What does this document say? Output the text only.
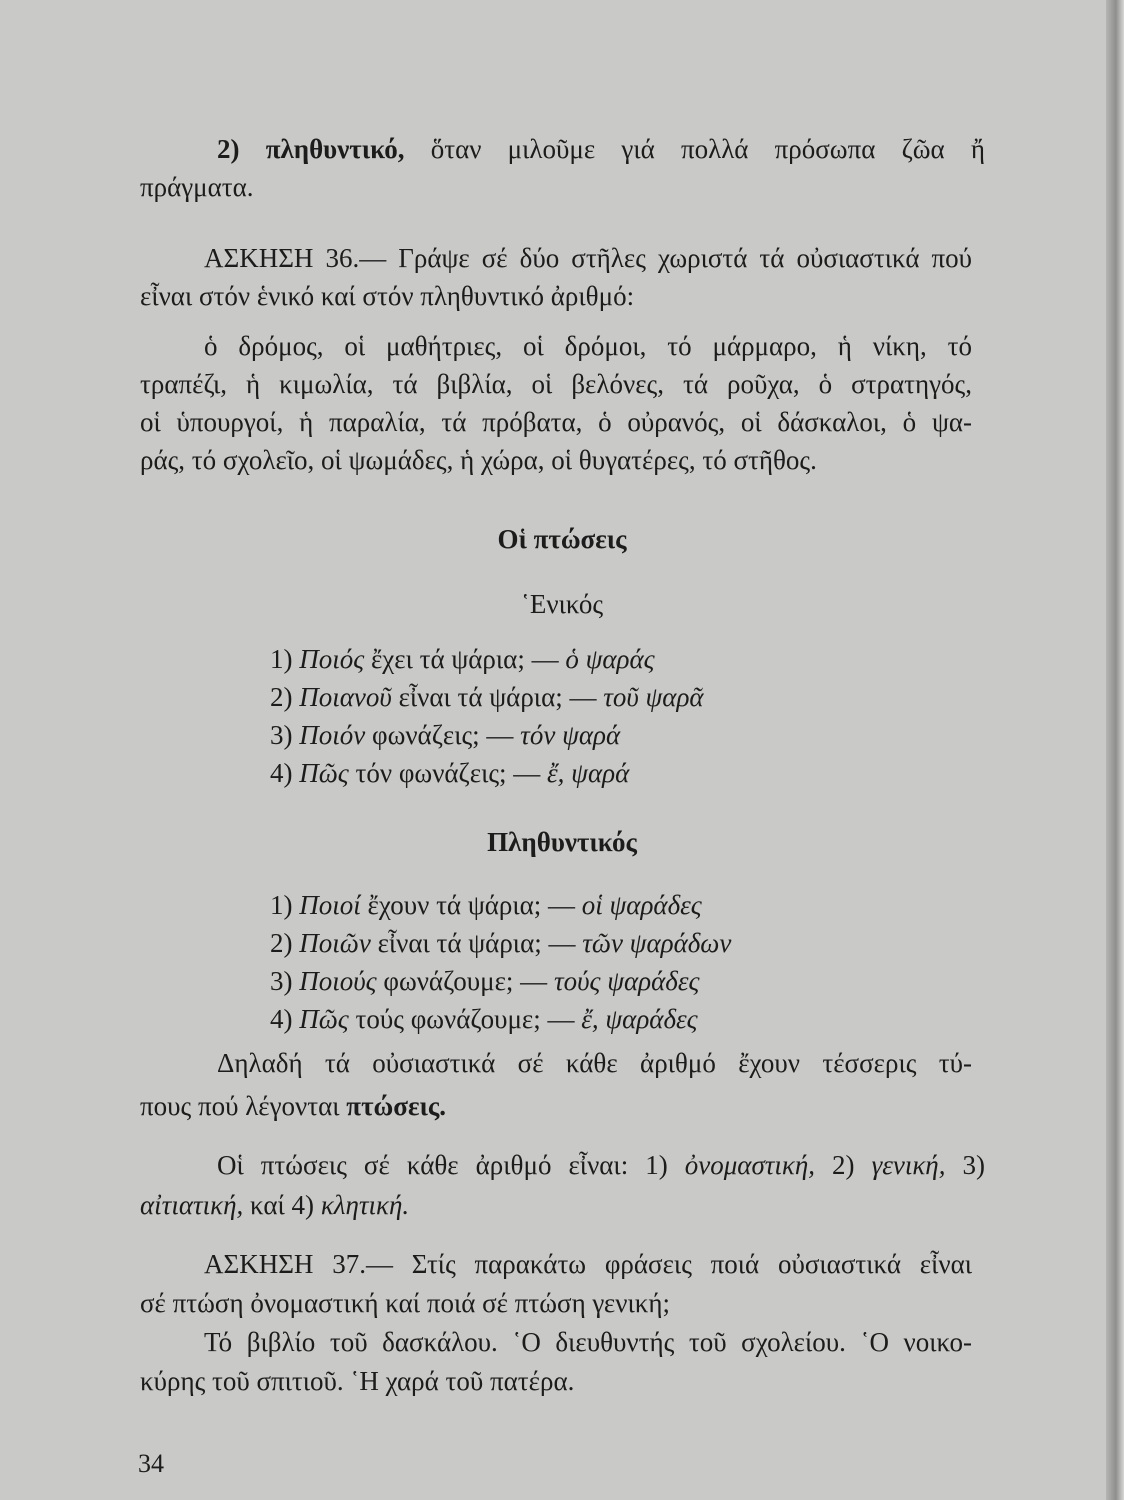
2) πληθυντικό, ὅταν μιλοῦμε γιά πολλά πρόσωπα ζῶα ἤ
πράγματα.
ΑΣΚΗΣΗ 36.— Γράψε σέ δύο στῆλες χωριστά τά οὐσιαστικά πού
εἶναι στόν ἑνικό καί στόν πληθυντικό ἀριθμό:
ὁ δρόμος, οἱ μαθήτριες, οἱ δρόμοι, τό μάρμαρο, ἡ νίκη, τό
τραπέζι, ἡ κιμωλία, τά βιβλία, οἱ βελόνες, τά ροῦχα, ὁ στρατηγός,
οἱ ὑπουργοί, ἡ παραλία, τά πρόβατα, ὁ οὐρανός, οἱ δάσκαλοι, ὁ ψα-
ράς, τό σχολεῖο, οἱ ψωμάδες, ἡ χώρα, οἱ θυγατέρες, τό στῆθος.
Οἱ πτώσεις
῾Ενικός
1) Ποιός ἔχει τά ψάρια; — ὁ ψαράς
2) Ποιανοῦ εἶναι τά ψάρια; — τοῦ ψαρᾶ
3) Ποιόν φωνάζεις; — τόν ψαρά
4) Πῶς τόν φωνάζεις; — ἔ, ψαρά
Πληθυντικός
1) Ποιοί ἔχουν τά ψάρια; — οἱ ψαράδες
2) Ποιῶν εἶναι τά ψάρια; — τῶν ψαράδων
3) Ποιούς φωνάζουμε; — τούς ψαράδες
4) Πῶς τούς φωνάζουμε; — ἔ, ψαράδες
Δηλαδή τά οὐσιαστικά σέ κάθε ἀριθμό ἔχουν τέσσερις τύ-
πους πού λέγονται πτώσεις.
Οἱ πτώσεις σέ κάθε ἀριθμό εἶναι: 1) ὀνομαστική, 2) γενική, 3)
αἰτιατική, καί 4) κλητική.
ΑΣΚΗΣΗ 37.— Στίς παρακάτω φράσεις ποιά οὐσιαστικά εἶναι
σέ πτώση ὀνομαστική καί ποιά σέ πτώση γενική;
Τό βιβλίο τοῦ δασκάλου. ῾Ο διευθυντής τοῦ σχολείου. ῾Ο νοικο-
κύρης τοῦ σπιτιοῦ. ῾Η χαρά τοῦ πατέρα.
34
